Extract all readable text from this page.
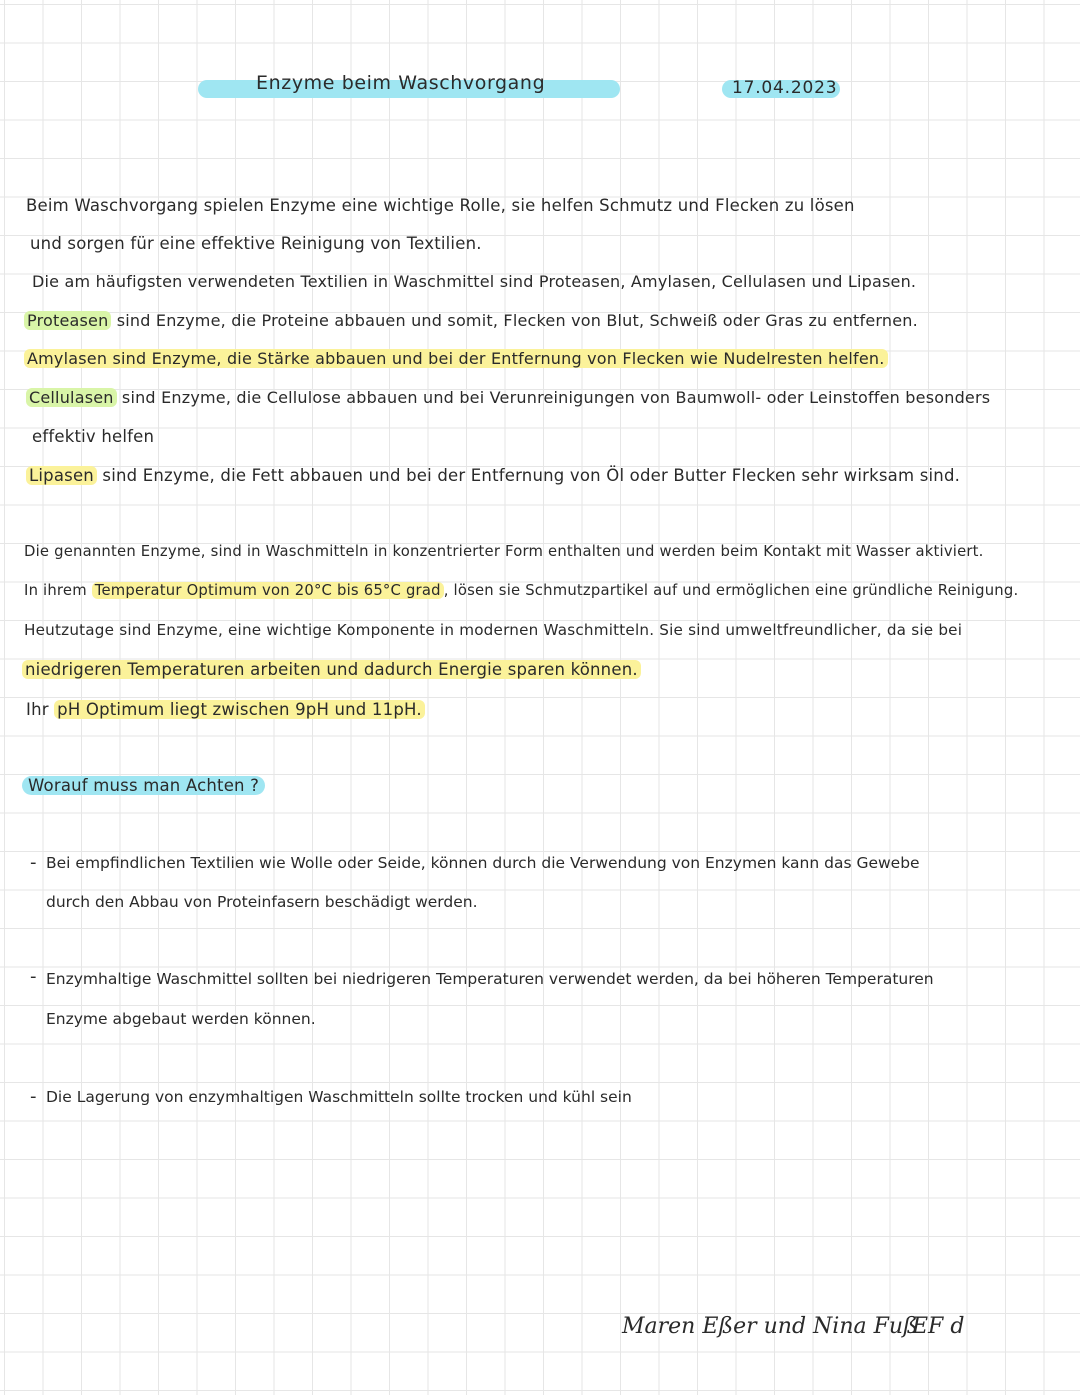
Enzyme beim Waschvorgang	17.04.2023
Beim Waschvorgang spielen Enzyme eine wichtige Rolle, sie helfen Schmutz und Flecken zu lösen
und sorgen für eine effektive Reinigung von Textilien.
Die am häufigsten verwendeten Textilien in Waschmittel sind Proteasen, Amylasen, Cellulasen und Lipasen.
Proteasen sind Enzyme, die Proteine abbauen und somit, Flecken von Blut, Schweiß oder Gras zu entfernen.
Amylasen sind Enzyme, die Stärke abbauen und bei der Entfernung von Flecken wie Nudelresten helfen.
Cellulasen sind Enzyme, die Cellulose abbauen und bei Verunreinigungen von Baumwoll- oder Leinstoffen besonders
effektiv helfen
Lipasen sind Enzyme, die Fett abbauen und bei der Entfernung von Öl oder Butter Flecken sehr wirksam sind.
Die genannten Enzyme, sind in Waschmitteln in konzentrierter Form enthalten und werden beim Kontakt mit Wasser aktiviert.
In ihrem Temperatur Optimum von 20°C bis 65°C grad , lösen sie Schmutzpartikel auf und ermöglichen eine gründliche Reinigung.
Heutzutage sind Enzyme, eine wichtige Komponente in modernen Waschmitteln. Sie sind umweltfreundlicher, da sie bei
niedrigeren Temperaturen arbeiten und dadurch Energie sparen können.
Ihr pH Optimum liegt zwischen 9pH und 11pH.
Worauf muss man Achten ?
- Bei empfindlichen Textilien wie Wolle oder Seide, können durch die Verwendung von Enzymen kann das Gewebe
durch den Abbau von Proteinfasern beschädigt werden.
- Enzymhaltige Waschmittel sollten bei niedrigeren Temperaturen verwendet werden, da bei höheren Temperaturen
Enzyme abgebaut werden können.
- Die Lagerung von enzymhaltigen Waschmitteln sollte trocken und kühl sein
Maren Eßer und Nina Fuß
EF d
